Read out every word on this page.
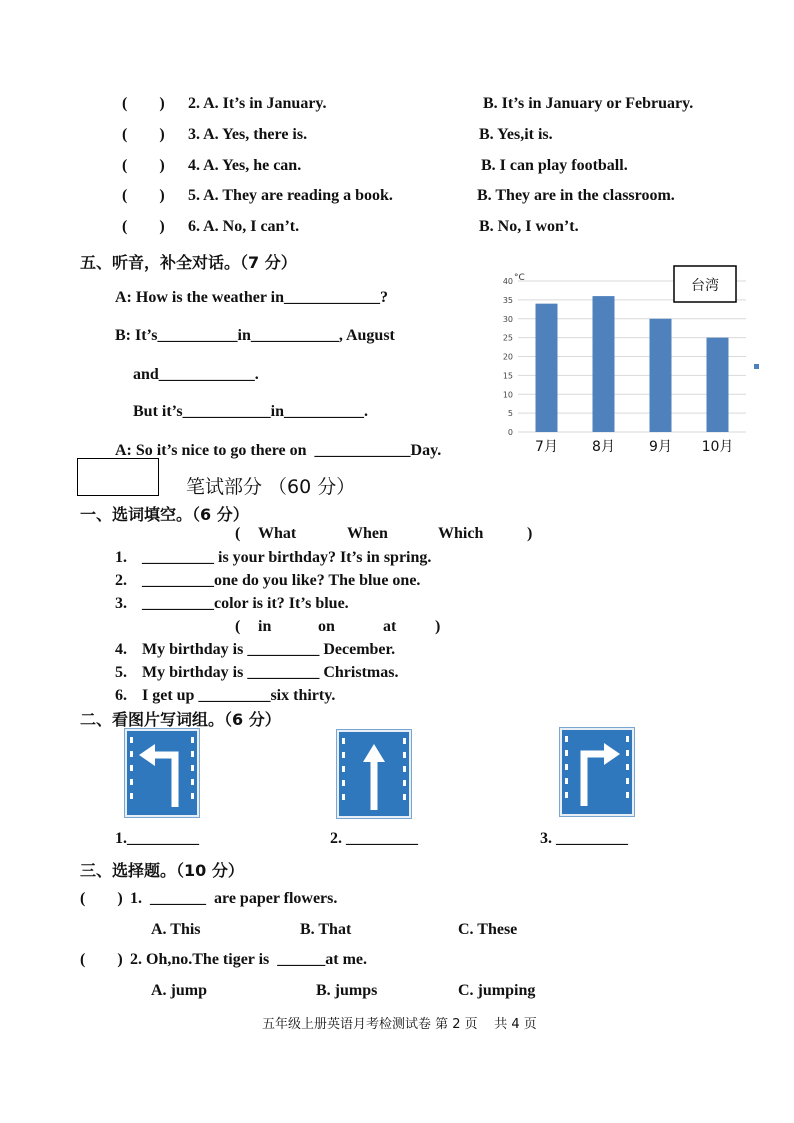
(        ) 2. A. It’s in January.	B. It’s in January or February.
(        ) 3. A. Yes, there is.	B. Yes,it is.
(        ) 4. A. Yes, he can.	B. I can play football.
(        ) 5. A. They are reading a book.	B. They are in the classroom.
(        ) 6. A. No, I can’t.	B. No, I won’t.
五、听音，补全对话。（7 分）
A: How is the weather in____________?
B: It’s__________in___________, August
and____________.
But it’s___________in__________.
A: So it’s nice to go there on  ____________Day.
0
5
10
15
20
25
30
35
40
7月 8月 9月 10月
°C	台湾
笔试部分 （60 分）
一、选词填空。（6 分）
( What	When	Which	)
1. _________ is your birthday? It’s in spring.
2. _________one do you like? The blue one.
3. _________color is it? It’s blue.
( in	on	at )
4. My birthday is _________ December.
5. My birthday is _________ Christmas.
6. I get up _________six thirty.
二、看图片写词组。（6 分）
1._________	2. _________	3. _________
三、选择题。（10 分）
(        ) 1.  _______  are paper flowers.
A. This	B. That	C. These
(        ) 2. Oh,no.The tiger is  ______at me.
A. jump	B. jumps	C. jumping
五年级上册英语月考检测试卷 第 2 页    共 4 页
